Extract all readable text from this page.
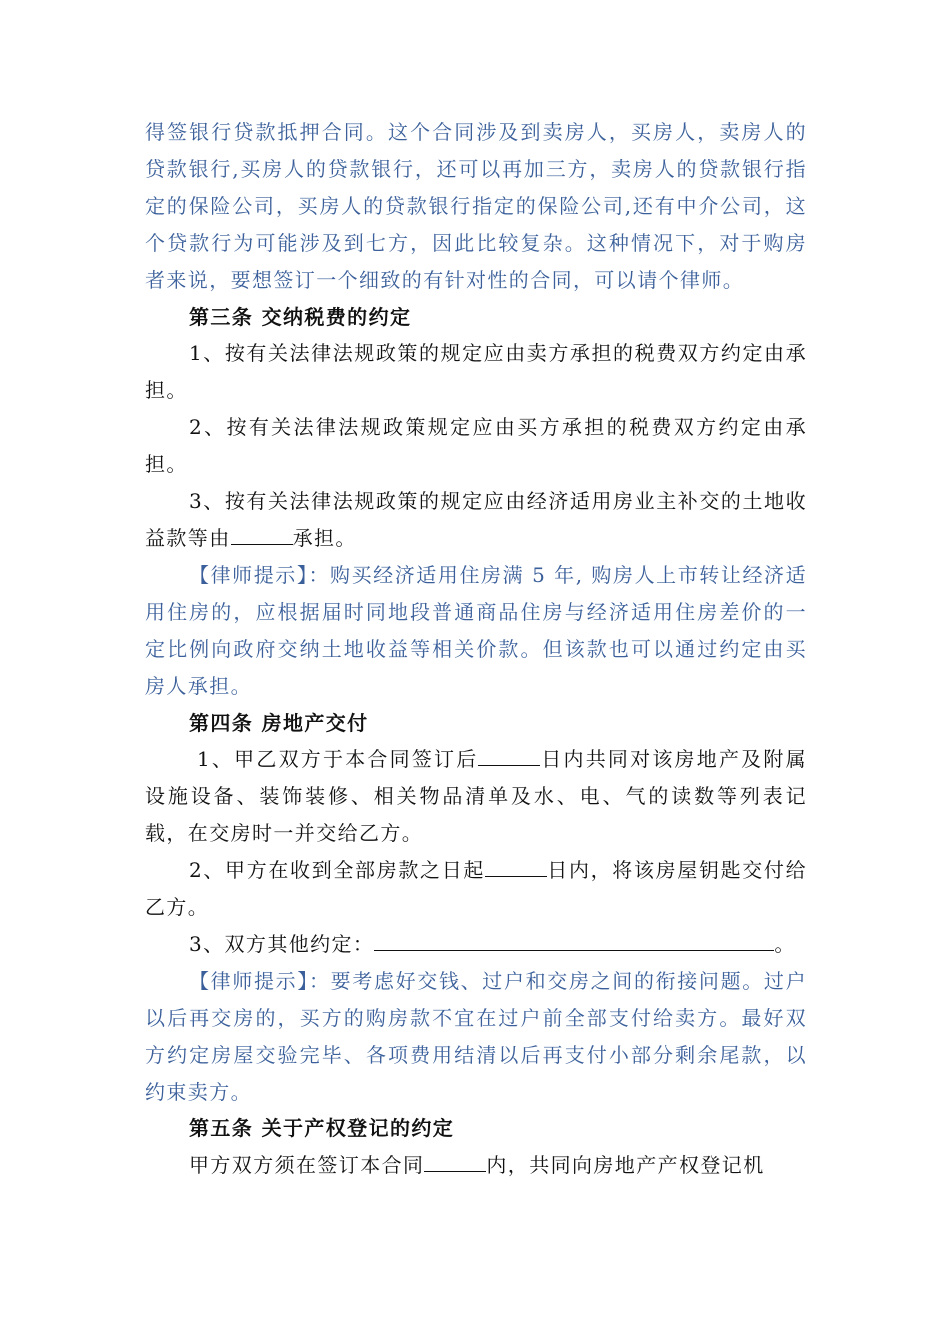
得签银行贷款抵押合同。这个合同涉及到卖房人，买房人，卖房人的贷款银行,买房人的贷款银行，还可以再加三方，卖房人的贷款银行指定的保险公司，买房人的贷款银行指定的保险公司,还有中介公司，这个贷款行为可能涉及到七方，因此比较复杂。这种情况下，对于购房者来说，要想签订一个细致的有针对性的合同，可以请个律师。

第三条 交纳税费的约定

1、按有关法律法规政策的规定应由卖方承担的税费双方约定由承担。

2、按有关法律法规政策规定应由买方承担的税费双方约定由承担。

3、按有关法律法规政策的规定应由经济适用房业主补交的土地收益款等由	承担。

【律师提示】：购买经济适用住房满 5 年, 购房人上市转让经济适用住房的，应根据届时同地段普通商品住房与经济适用住房差价的一定比例向政府交纳土地收益等相关价款。但该款也可以通过约定由买房人承担。

第四条 房地产交付

1、甲乙双方于本合同签订后	日内共同对该房地产及附属设施设备、装饰装修、相关物品清单及水、电、气的读数等列表记载，在交房时一并交给乙方。

2、甲方在收到全部房款之日起	日内，将该房屋钥匙交付给乙方。

3、双方其他约定：	。

【律师提示】：要考虑好交钱、过户和交房之间的衔接问题。过户以后再交房的，买方的购房款不宜在过户前全部支付给卖方。最好双方约定房屋交验完毕、各项费用结清以后再支付小部分剩余尾款，以约束卖方。

第五条 关于产权登记的约定

甲方双方须在签订本合同	内，共同向房地产产权登记机
